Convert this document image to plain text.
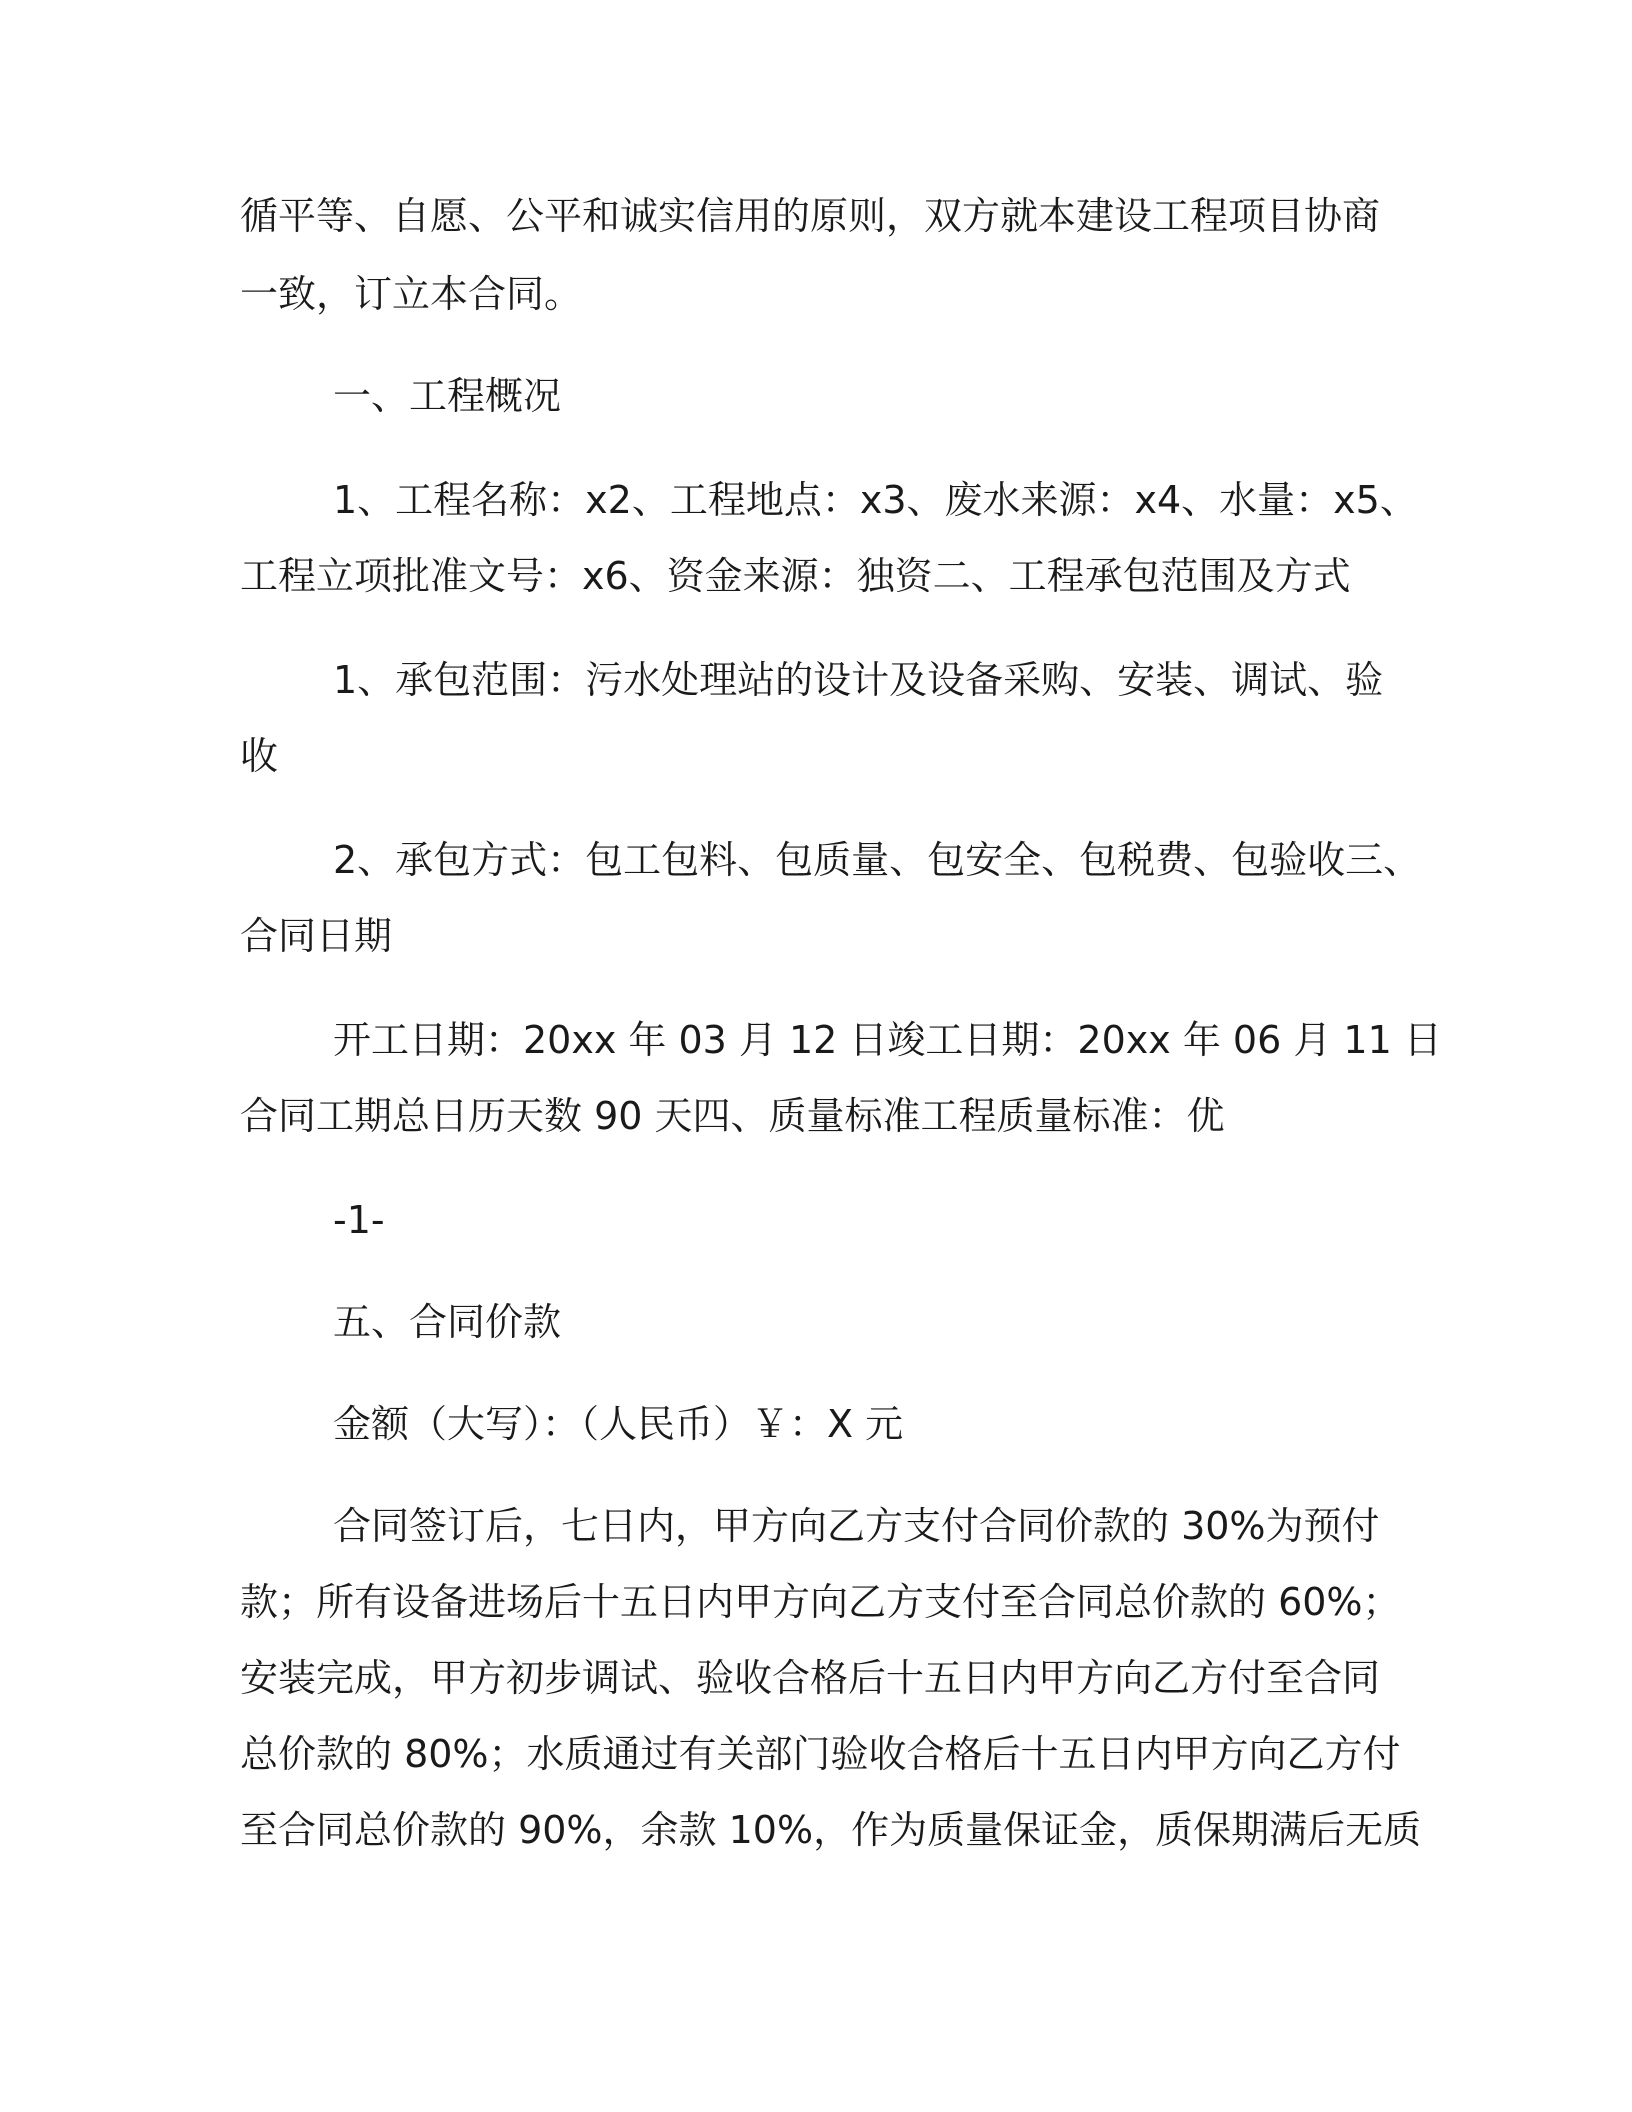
循平等、自愿、公平和诚实信用的原则，双方就本建设工程项目协商
一致，订立本合同。
一、工程概况
1、工程名称：x2、工程地点：x3、废水来源：x4、水量：x5、
工程立项批准文号：x6、资金来源：独资二、工程承包范围及方式
1、承包范围：污水处理站的设计及设备采购、安装、调试、验
收
2、承包方式：包工包料、包质量、包安全、包税费、包验收三、
合同日期
开工日期：20xx 年 03 月 12 日竣工日期：20xx 年 06 月 11 日
合同工期总日历天数 90 天四、质量标准工程质量标准：优
-1-
五、合同价款
金额（大写）：（人民币）￥：X 元
合同签订后，七日内，甲方向乙方支付合同价款的 30%为预付
款；所有设备进场后十五日内甲方向乙方支付至合同总价款的 60%；
安装完成，甲方初步调试、验收合格后十五日内甲方向乙方付至合同
总价款的 80%；水质通过有关部门验收合格后十五日内甲方向乙方付
至合同总价款的 90%，余款 10%，作为质量保证金，质保期满后无质
